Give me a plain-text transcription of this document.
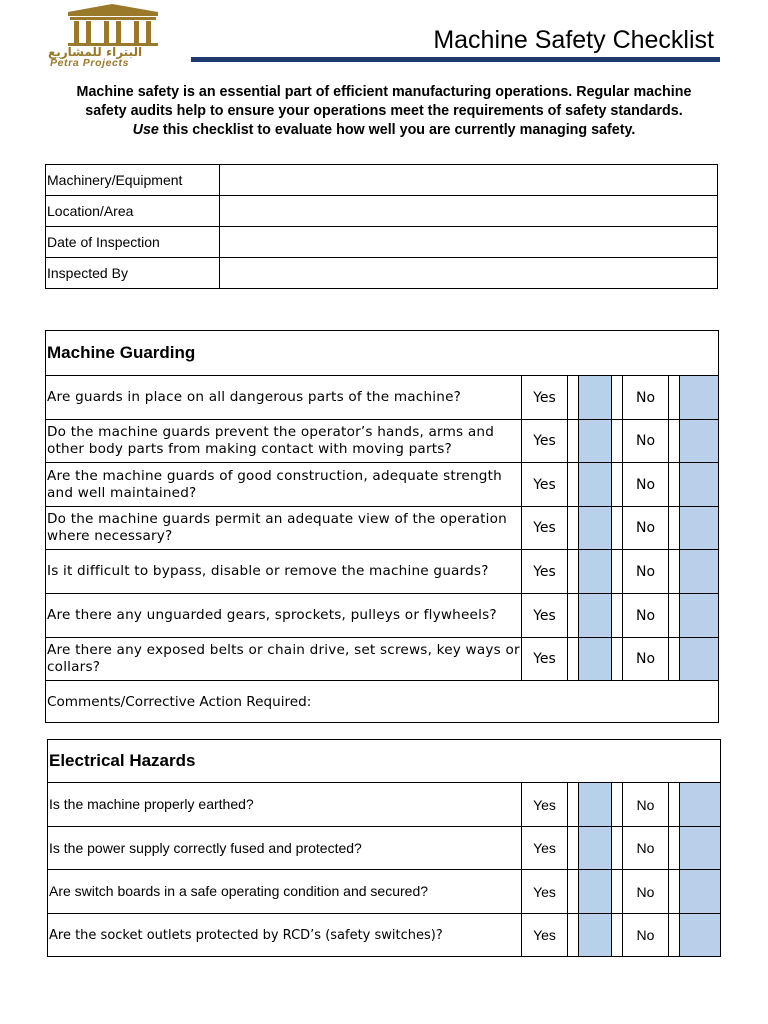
البتراء للمشاريع
Petra Projects
Machine Safety Checklist
Machine safety is an essential part of efficient manufacturing operations. Regular machine
safety audits help to ensure your operations meet the requirements of safety standards.
Use this checklist to evaluate how well you are currently managing safety.
Machinery/Equipment	
Location/Area	
Date of Inspection	
Inspected By	
Machine Guarding							
Are guards in place on all dangerous parts of the machine?	Yes				No		
Do the machine guards prevent the operator’s hands, arms and other body parts from making contact with moving parts?	Yes				No		
Are the machine guards of good construction, adequate strength and well maintained?	Yes				No		
Do the machine guards permit an adequate view of the operation where necessary?	Yes				No		
Is it difficult to bypass, disable or remove the machine guards?	Yes				No		
Are there any unguarded gears, sprockets, pulleys or flywheels?	Yes				No		
Are there any exposed belts or chain drive, set screws, key ways or collars?	Yes				No		
Comments/Corrective Action Required:							
Electrical Hazards							
Is the machine properly earthed?	Yes				No		
Is the power supply correctly fused and protected?	Yes				No		
Are switch boards in a safe operating condition and secured?	Yes				No		
Are the socket outlets protected by RCD’s (safety switches)?	Yes				No		
